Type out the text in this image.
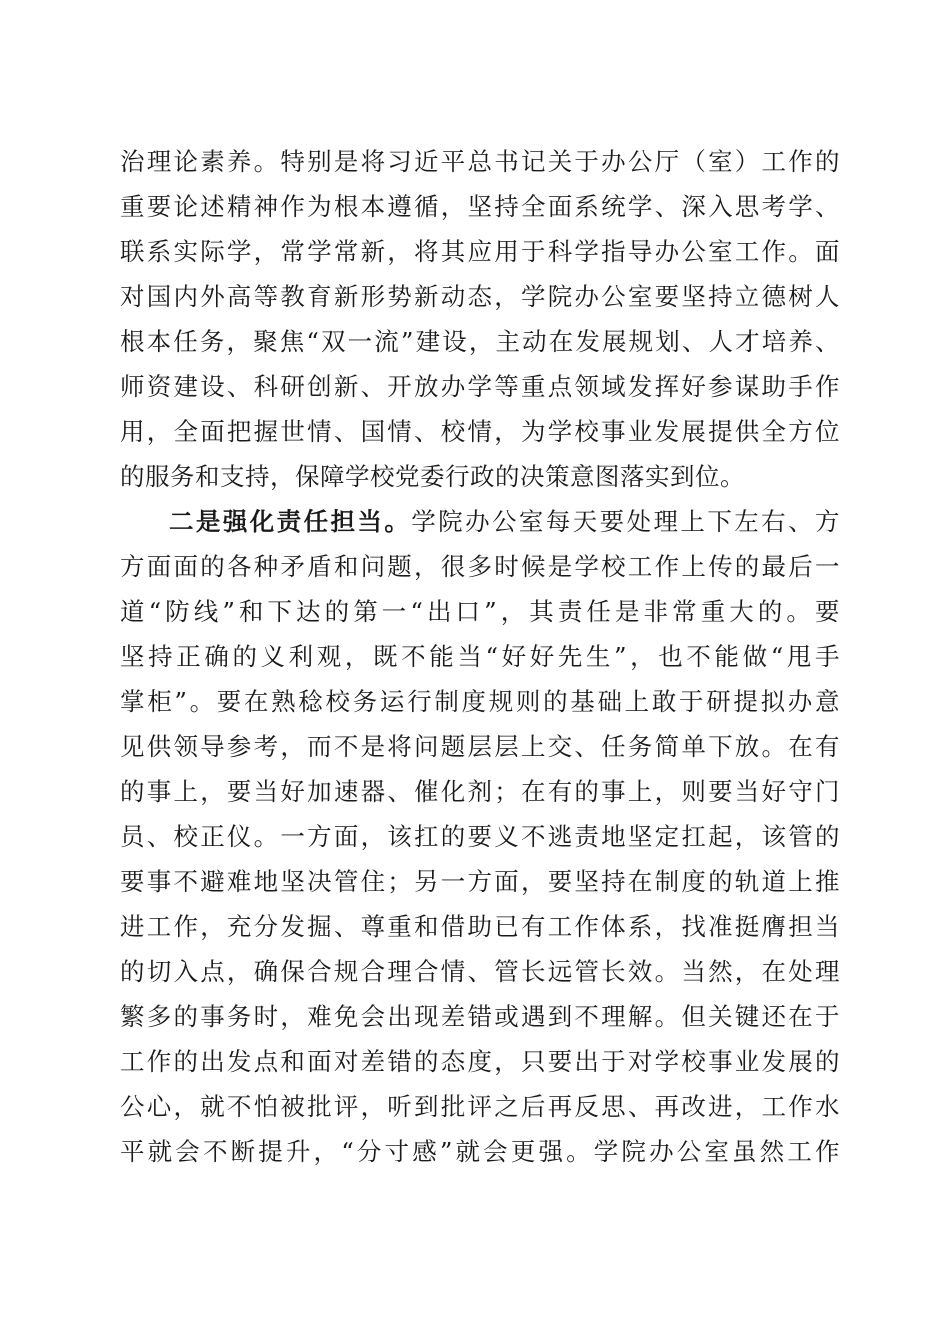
治理论素养。特别是将习近平总书记关于办公厅（室）工作的
重要论述精神作为根本遵循，坚持全面系统学、深入思考学、
联系实际学，常学常新，将其应用于科学指导办公室工作。面
对国内外高等教育新形势新动态，学院办公室要坚持立德树人
根本任务，聚焦“双一流”建设，主动在发展规划、人才培养、
师资建设、科研创新、开放办学等重点领域发挥好参谋助手作
用，全面把握世情、国情、校情，为学校事业发展提供全方位
的服务和支持，保障学校党委行政的决策意图落实到位。
二是强化责任担当。学院办公室每天要处理上下左右、方
方面面的各种矛盾和问题，很多时候是学校工作上传的最后一
道“防线”和下达的第一“出口”，其责任是非常重大的。要
坚持正确的义利观，既不能当“好好先生”，也不能做“甩手
掌柜”。要在熟稔校务运行制度规则的基础上敢于研提拟办意
见供领导参考，而不是将问题层层上交、任务简单下放。在有
的事上，要当好加速器、催化剂；在有的事上，则要当好守门
员、校正仪。一方面，该扛的要义不逃责地坚定扛起，该管的
要事不避难地坚决管住；另一方面，要坚持在制度的轨道上推
进工作，充分发掘、尊重和借助已有工作体系，找准挺膺担当
的切入点，确保合规合理合情、管长远管长效。当然，在处理
繁多的事务时，难免会出现差错或遇到不理解。但关键还在于
工作的出发点和面对差错的态度，只要出于对学校事业发展的
公心，就不怕被批评，听到批评之后再反思、再改进，工作水
平就会不断提升，“分寸感”就会更强。学院办公室虽然工作
